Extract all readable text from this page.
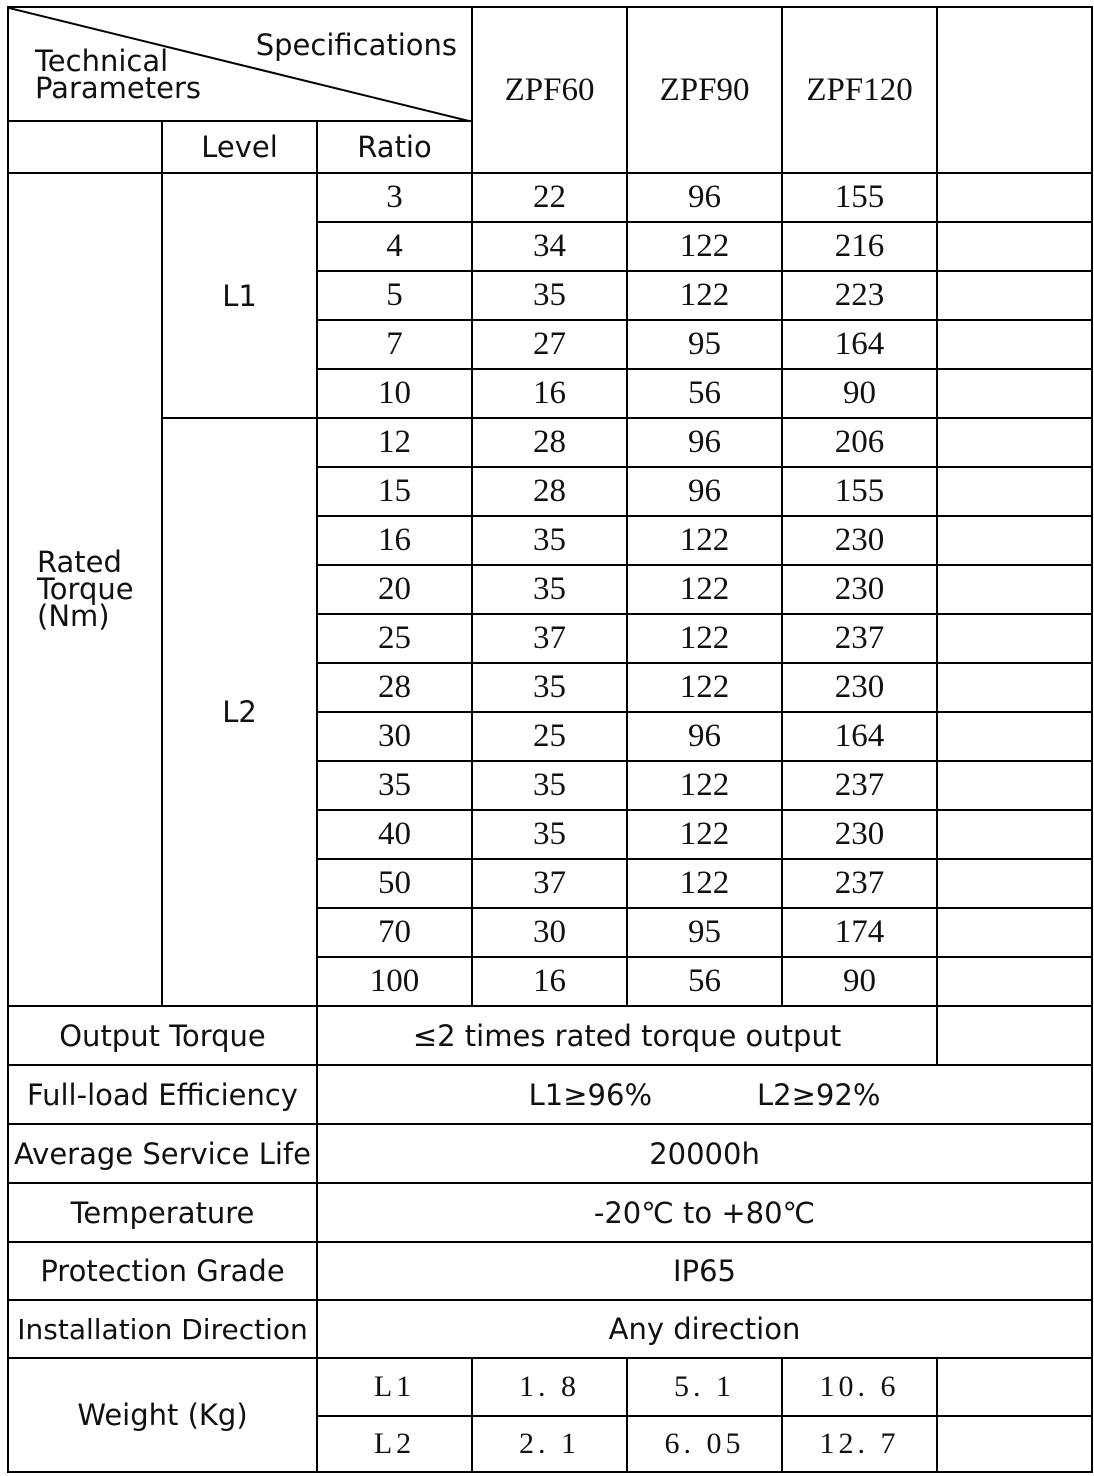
Specifications
Technical
Parameters			ZPF60	ZPF90	ZPF120	
	Level	Ratio				

Rated
Torque
(Nm)	L1	3	22	96	155	
		4	34	122	216	
		5	35	122	223	
		7	27	95	164	
		10	16	56	90	
	L2	12	28	96	206	
		15	28	96	155	
		16	35	122	230	
		20	35	122	230	
		25	37	122	237	
		28	35	122	230	
		30	25	96	164	
		35	35	122	237	
		40	35	122	230	
		50	37	122	237	
		70	30	95	174	
		100	16	56	90	
Output Torque		≤2 times rated torque output				
Full-load Efficiency		L1≥96% L2≥92%				
Average Service Life		20000h				
Temperature		-20℃ to +80℃				
Protection Grade		IP65				
Installation Direction		Any direction				
Weight (Kg)		L1	1. 8	5. 1	10. 6	
		L2	2. 1	6. 05	12. 7	
